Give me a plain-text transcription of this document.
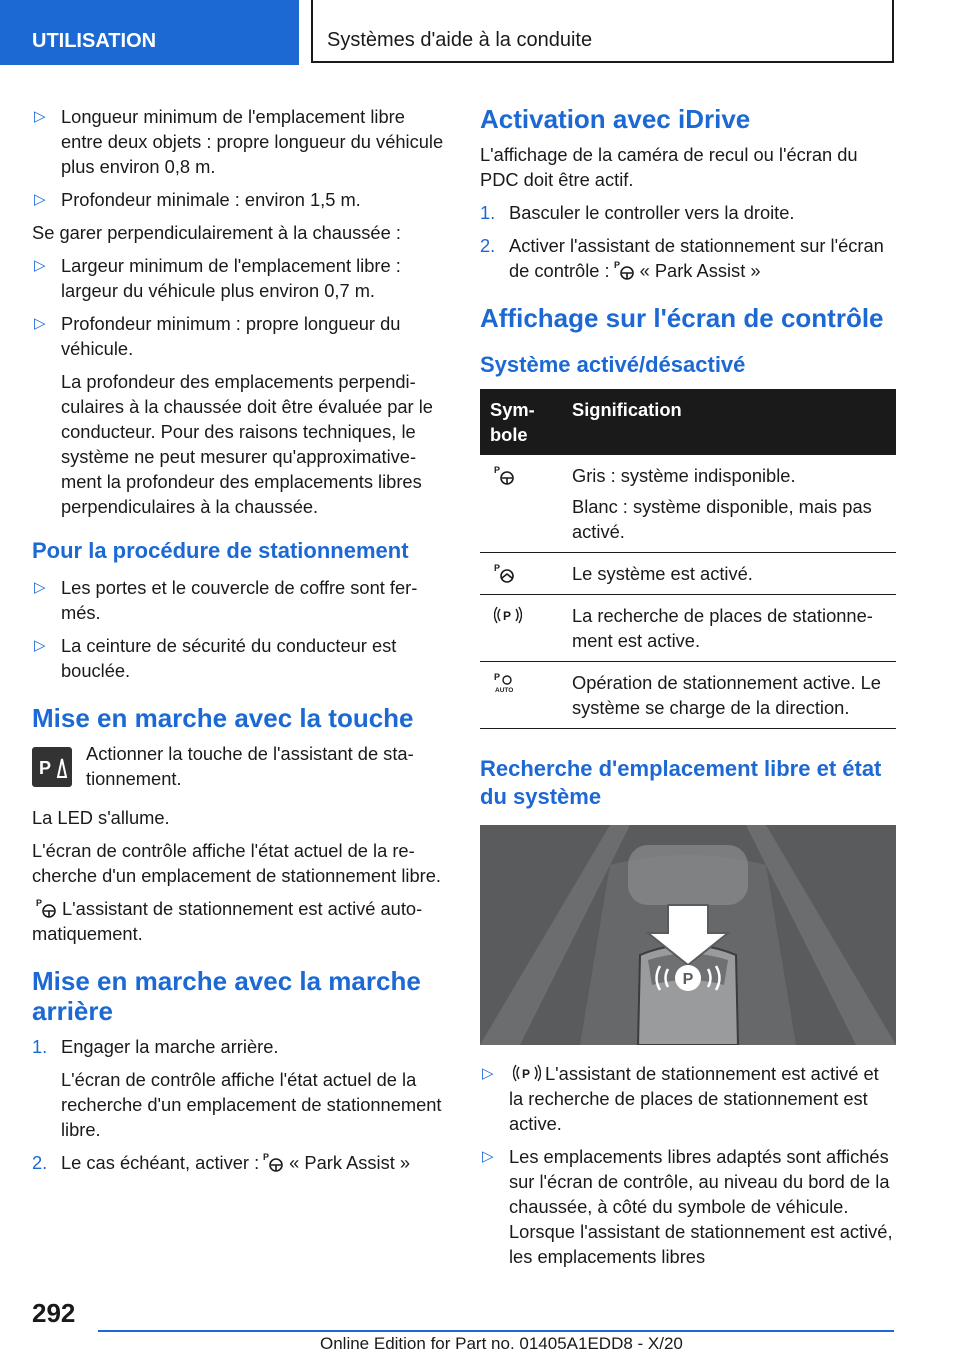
UTILISATION	Systèmes d'aide à la conduite
▷ Longueur minimum de l'emplacement libre entre deux objets : propre longueur du véhicule plus environ 0,8 m.
▷ Profondeur minimale : environ 1,5 m.

Se garer perpendiculairement à la chaussée :

▷ Largeur minimum de l'emplacement libre : largeur du véhicule plus environ 0,7 m.
▷ Profondeur minimum : propre longueur du véhicule.

La profondeur des emplacements perpendiculaires à la chaussée doit être évaluée par le conducteur. Pour des raisons techniques, le système ne peut mesurer qu'approximativement la profondeur des emplacements libres perpendiculaires à la chaussée.

Pour la procédure de stationnement
▷ Les portes et le couvercle de coffre sont fermés.
▷ La ceinture de sécurité du conducteur est bouclée.
Mise en marche avec la touche
P

Actionner la touche de l'assistant de stationnement.

La LED s'allume.

L'écran de contrôle affiche l'état actuel de la recherche d'un emplacement de stationnement libre.

P L'assistant de stationnement est activé automatiquement.

Mise en marche avec la marche arrière
1. Engager la marche arrière.

L'écran de contrôle affiche l'état actuel de la recherche d'un emplacement de stationnement libre.

2. Le cas échéant, activer : P « Park Assist »
Activation avec iDrive

L'affichage de la caméra de recul ou l'écran du PDC doit être actif.

1. Basculer le controller vers la droite.
2. Activer l'assistant de stationnement sur l'écran de contrôle : P « Park Assist »
Affichage sur l'écran de contrôle
Système activé/désactivé
Symbole	Signification

P	Gris : système indisponible.

Blanc : système disponible, mais pas activé.

P	Le système est activé.

P	La recherche de places de stationnement est active.

P
AUTO	Opération de stationnement active. Le système se charge de la direction.
Recherche d'emplacement libre et état du système
P
▷ P L'assistant de stationnement est activé et la recherche de places de stationnement est active.
▷ Les emplacements libres adaptés sont affichés sur l'écran de contrôle, au niveau du bord de la chaussée, à côté du symbole de véhicule. Lorsque l'assistant de stationnement est activé, les emplacements libres
292
Online Edition for Part no. 01405A1EDD8 - X/20
